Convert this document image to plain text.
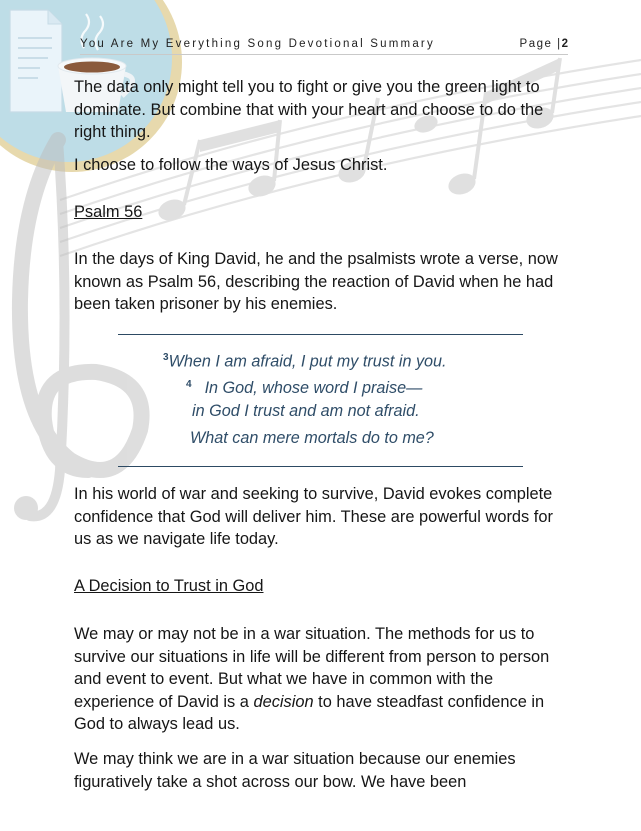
You Are My Everything Song Devotional Summary	Page |2

The data only might tell you to fight or give you the green light to dominate. But combine that with your heart and choose to do the right thing.

I choose to follow the ways of Jesus Christ.

Psalm 56

In the days of King David, he and the psalmists wrote a verse, now known as Psalm 56, describing the reaction of David when he had been taken prisoner by his enemies.

In his world of war and seeking to survive, David evokes complete confidence that God will deliver him. These are powerful words for us as we navigate life today.

A Decision to Trust in God

We may or may not be in a war situation. The methods for us to survive our situations in life will be different from person to person and event to event. But what we have in common with the experience of David is a decision to have steadfast confidence in God to always lead us.

We may think we are in a war situation because our enemies figuratively take a shot across our bow. We have been

$^3$When I am afraid, I put my trust in you.
$^4$ In God, whose word I praise—
in God I trust and am not afraid.
What can mere mortals do to me?
